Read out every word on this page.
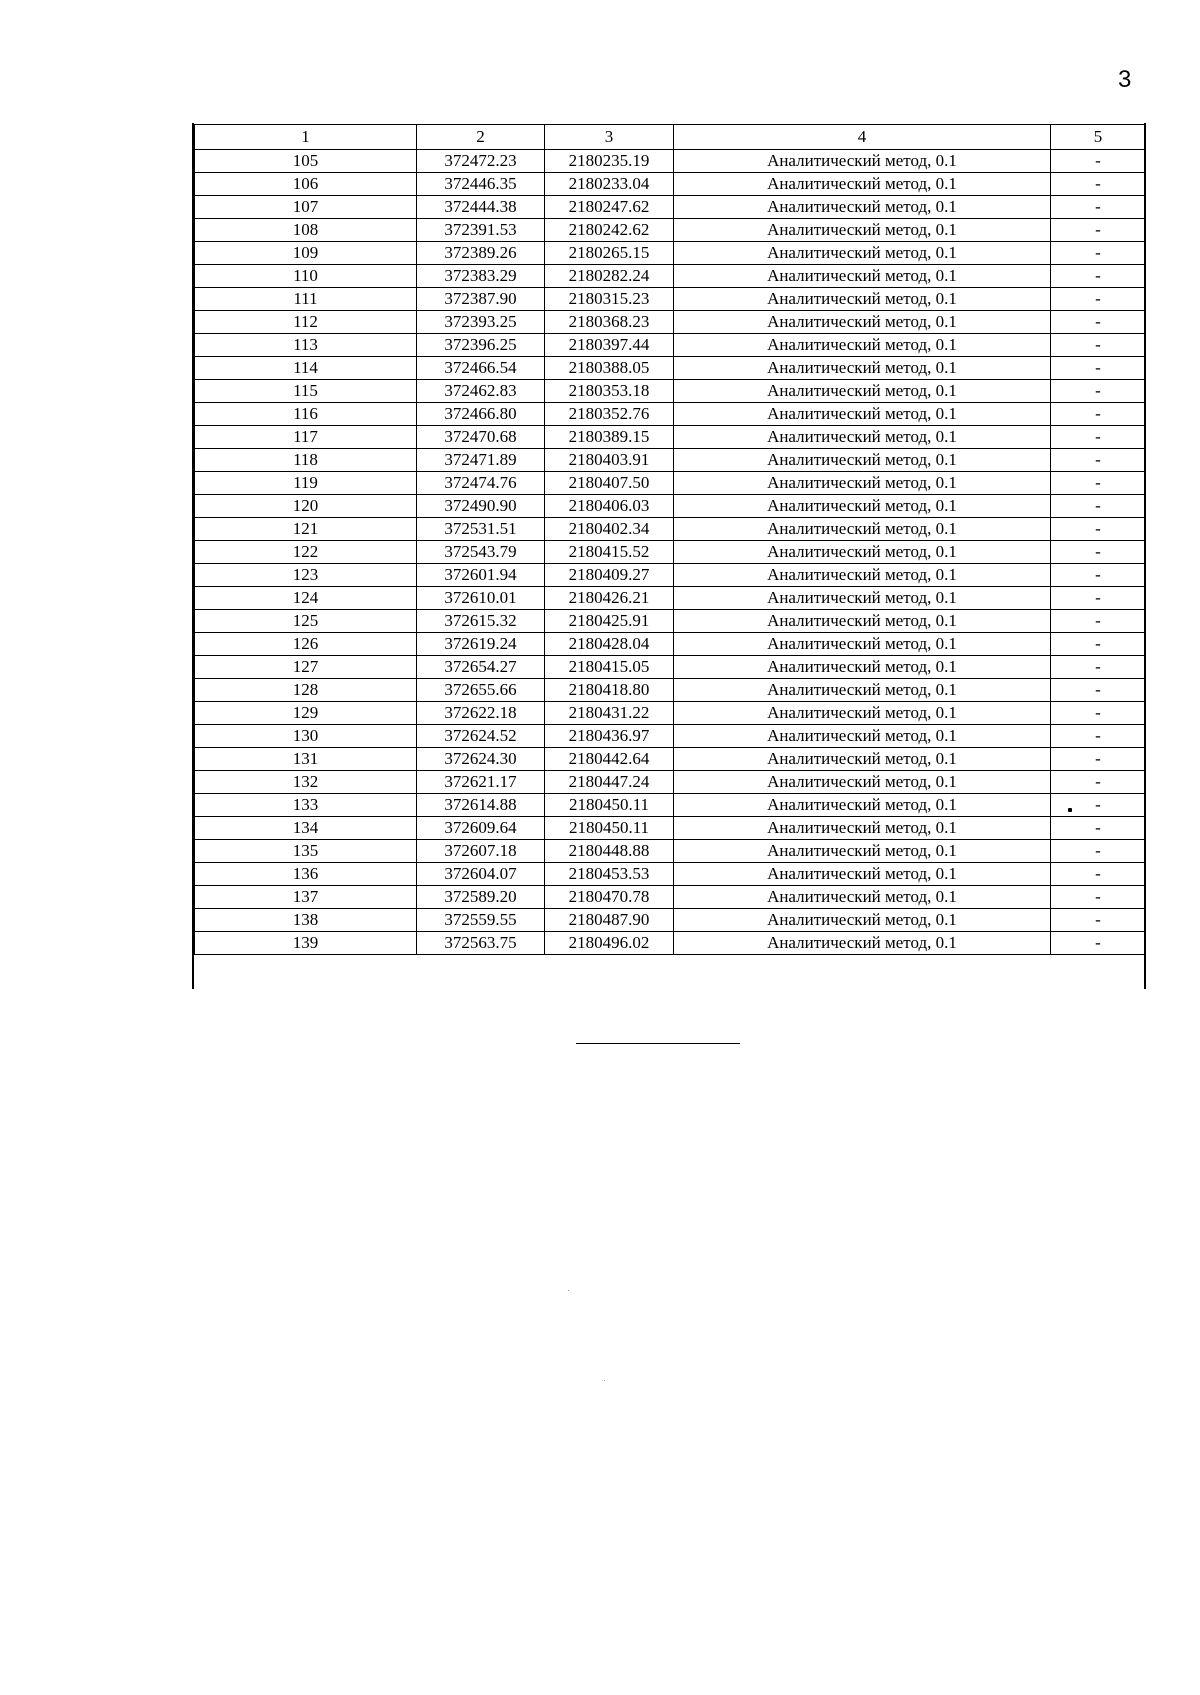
3
1	2	3	4	5
105	372472.23	2180235.19	Аналитический метод, 0.1	-
106	372446.35	2180233.04	Аналитический метод, 0.1	-
107	372444.38	2180247.62	Аналитический метод, 0.1	-
108	372391.53	2180242.62	Аналитический метод, 0.1	-
109	372389.26	2180265.15	Аналитический метод, 0.1	-
110	372383.29	2180282.24	Аналитический метод, 0.1	-
111	372387.90	2180315.23	Аналитический метод, 0.1	-
112	372393.25	2180368.23	Аналитический метод, 0.1	-
113	372396.25	2180397.44	Аналитический метод, 0.1	-
114	372466.54	2180388.05	Аналитический метод, 0.1	-
115	372462.83	2180353.18	Аналитический метод, 0.1	-
116	372466.80	2180352.76	Аналитический метод, 0.1	-
117	372470.68	2180389.15	Аналитический метод, 0.1	-
118	372471.89	2180403.91	Аналитический метод, 0.1	-
119	372474.76	2180407.50	Аналитический метод, 0.1	-
120	372490.90	2180406.03	Аналитический метод, 0.1	-
121	372531.51	2180402.34	Аналитический метод, 0.1	-
122	372543.79	2180415.52	Аналитический метод, 0.1	-
123	372601.94	2180409.27	Аналитический метод, 0.1	-
124	372610.01	2180426.21	Аналитический метод, 0.1	-
125	372615.32	2180425.91	Аналитический метод, 0.1	-
126	372619.24	2180428.04	Аналитический метод, 0.1	-
127	372654.27	2180415.05	Аналитический метод, 0.1	-
128	372655.66	2180418.80	Аналитический метод, 0.1	-
129	372622.18	2180431.22	Аналитический метод, 0.1	-
130	372624.52	2180436.97	Аналитический метод, 0.1	-
131	372624.30	2180442.64	Аналитический метод, 0.1	-
132	372621.17	2180447.24	Аналитический метод, 0.1	-
133	372614.88	2180450.11	Аналитический метод, 0.1	-
134	372609.64	2180450.11	Аналитический метод, 0.1	-
135	372607.18	2180448.88	Аналитический метод, 0.1	-
136	372604.07	2180453.53	Аналитический метод, 0.1	-
137	372589.20	2180470.78	Аналитический метод, 0.1	-
138	372559.55	2180487.90	Аналитический метод, 0.1	-
139	372563.75	2180496.02	Аналитический метод, 0.1	-
